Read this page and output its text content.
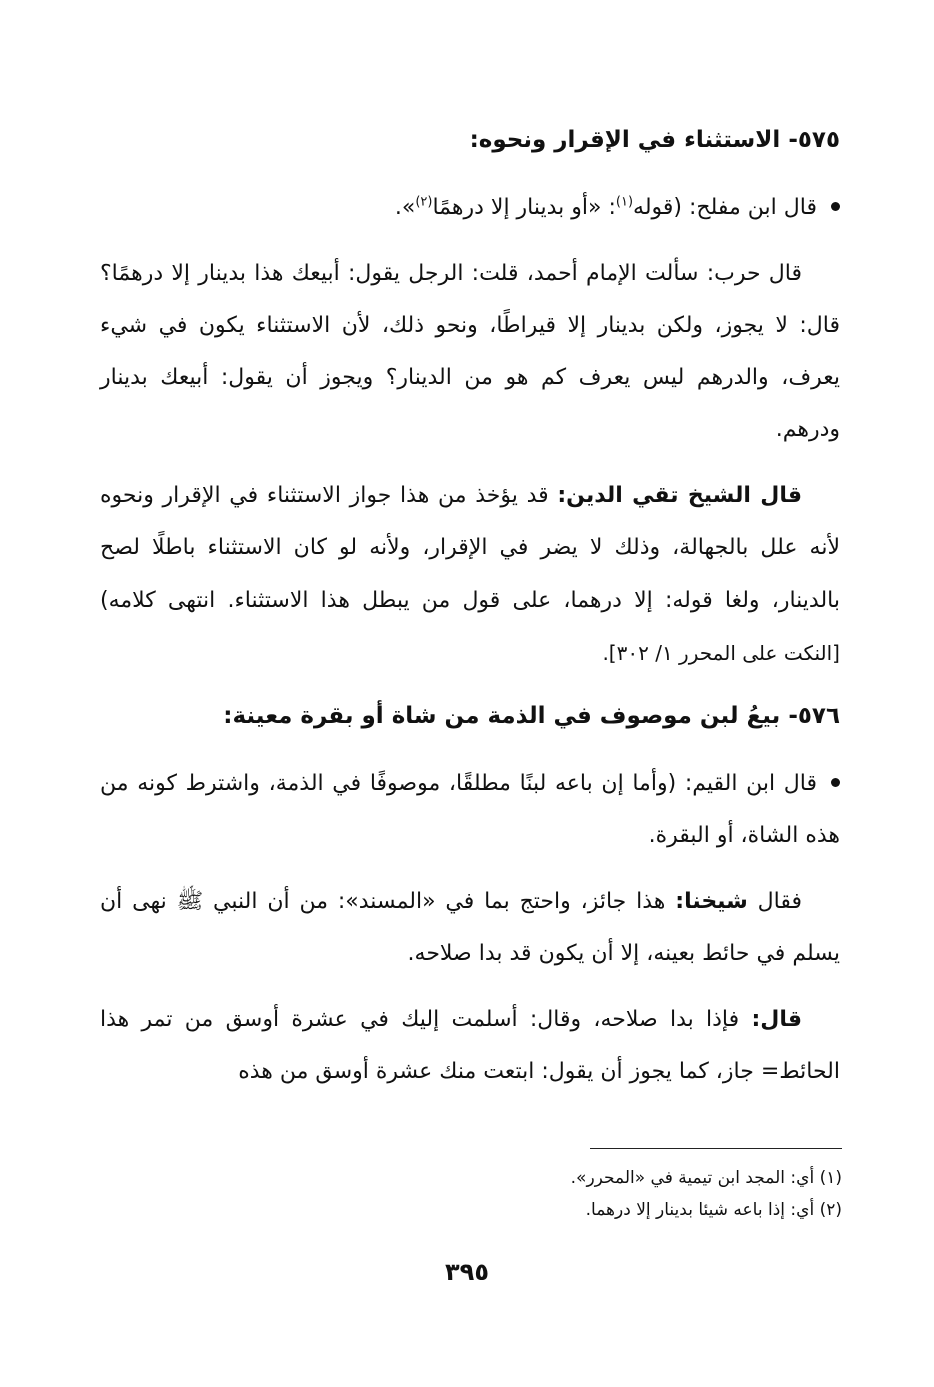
٥٧٥- الاستثناء في الإقرار ونحوه:

قال ابن مفلح: (قوله$^{(١)}$: «أو بدينار إلا درهمًا$^{(٢)}$».

قال حرب: سألت الإمام أحمد، قلت: الرجل يقول: أبيعك هذا بدينار إلا درهمًا؟ قال: لا يجوز، ولكن بدينار إلا قيراطًا، ونحو ذلك، لأن الاستثناء يكون في شيء يعرف، والدرهم ليس يعرف كم هو من الدينار؟ ويجوز أن يقول: أبيعك بدينار ودرهم.

قال الشيخ تقي الدين: قد يؤخذ من هذا جواز الاستثناء في الإقرار ونحوه لأنه علل بالجهالة، وذلك لا يضر في الإقرار، ولأنه لو كان الاستثناء باطلًا لصح بالدينار، ولغا قوله: إلا درهما، على قول من يبطل هذا الاستثناء. انتهى كلامه) [النكت على المحرر ١/ ٣٠٢].

٥٧٦- بيعُ لبن موصوف في الذمة من شاة أو بقرة معينة:

قال ابن القيم: (وأما إن باعه لبنًا مطلقًا، موصوفًا في الذمة، واشترط كونه من هذه الشاة، أو البقرة.

فقال شيخنا: هذا جائز، واحتج بما في «المسند»: من أن النبي ﷺ نهى أن يسلم في حائط بعينه، إلا أن يكون قد بدا صلاحه.

قال: فإذا بدا صلاحه، وقال: أسلمت إليك في عشرة أوسق من تمر هذا الحائط= جاز، كما يجوز أن يقول: ابتعت منك عشرة أوسق من هذه

(١) أي: المجد ابن تيمية في «المحرر».

(٢) أي: إذا باعه شيئا بدينار إلا درهما.

٣٩٥
